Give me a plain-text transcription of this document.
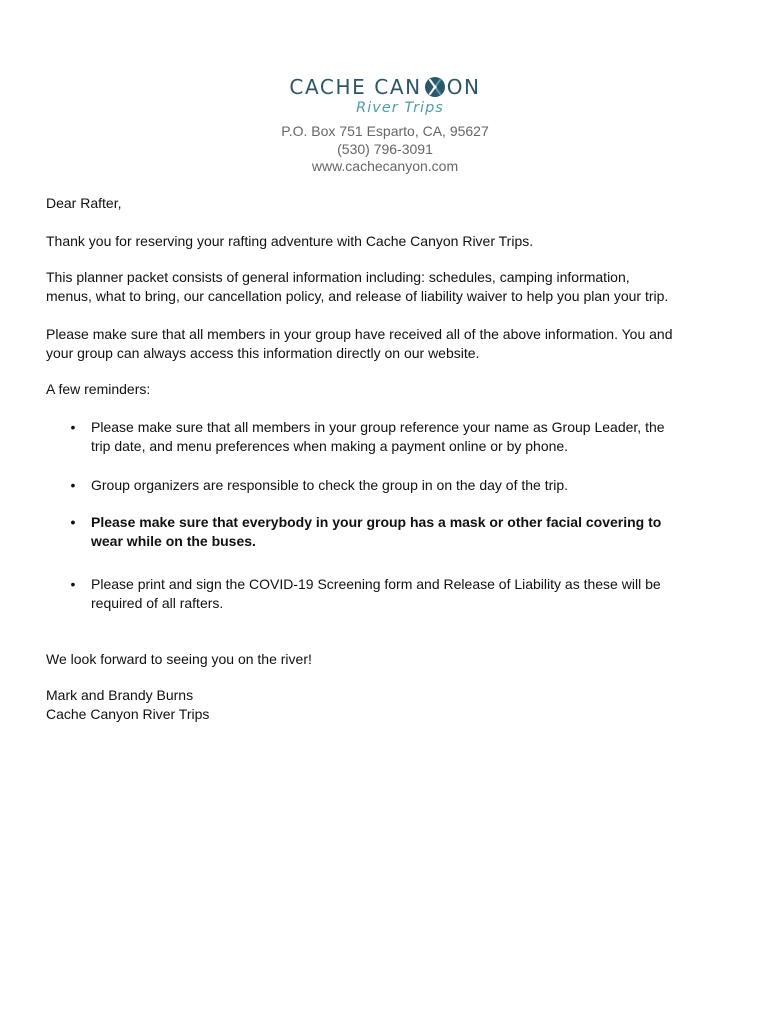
CACHE CAN ON
River Trips
P.O. Box 751 Esparto, CA, 95627
(530) 796-3091
www.cachecanyon.com
Dear Rafter,
Thank you for reserving your rafting adventure with Cache Canyon River Trips.
This planner packet consists of general information including: schedules, camping information,
menus, what to bring, our cancellation policy, and release of liability waiver to help you plan your trip.
Please make sure that all members in your group have received all of the above information. You and
your group can always access this information directly on our website.
A few reminders:
• Please make sure that all members in your group reference your name as Group Leader, the
trip date, and menu preferences when making a payment online or by phone.
• Group organizers are responsible to check the group in on the day of the trip.
• Please make sure that everybody in your group has a mask or other facial covering to
wear while on the buses.
• Please print and sign the COVID-19 Screening form and Release of Liability as these will be
required of all rafters.
We look forward to seeing you on the river!
Mark and Brandy Burns
Cache Canyon River Trips
